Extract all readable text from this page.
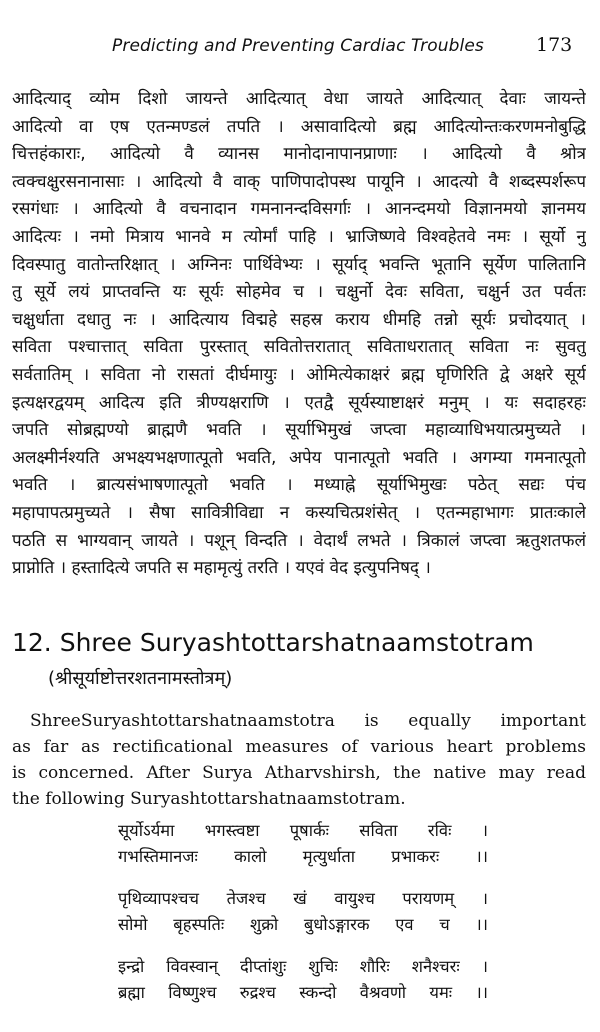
Predicting and Preventing Cardiac Troubles	173
आदित्याद् व्योम दिशो जायन्ते आदित्यात् वेधा जायते आदित्यात् देवाः जायन्ते
आदित्यो वा एष एतन्मण्डलं तपति । असावादित्यो ब्रह्म आदित्योन्तःकरणमनोबुद्धि
चित्तहंकाराः, आदित्यो वै व्यानस मानोदानापानप्राणाः । आदित्यो वै श्रोत्र
त्वक्चक्षुरसनानासाः । आदित्यो वै वाक् पाणिपादोपस्थ पायूनि । आदत्यो वै शब्दस्पर्शरूप
रसगंधाः । आदित्यो वै वचनादान गमनानन्दविसर्गाः । आनन्दमयो विज्ञानमयो ज्ञानमय
आदित्यः । नमो मित्राय भानवे म त्योर्मां पाहि । भ्राजिष्णवे विश्वहेतवे नमः । सूर्यो नु
दिवस्पातु वातोन्तरिक्षात् । अग्निनः पार्थिवेभ्यः । सूर्याद् भवन्ति भूतानि सूर्येण पालितानि
तु सूर्ये लयं प्राप्तवन्ति यः सूर्यः सोहमेव च । चक्षुर्नो देवः सविता, चक्षुर्न उत पर्वतः
चक्षुर्धाता दधातु नः । आदित्याय विद्महे सहस्र कराय धीमहि तन्नो सूर्यः प्रचोदयात् ।
सविता पश्चात्तात् सविता पुरस्तात् सवितोत्तरातात् सविताधरातात् सविता नः सुवतु
सर्वतातिम् । सविता नो रासतां दीर्घमायुः । ओमित्येकाक्षरं ब्रह्म घृणिरिति द्वे अक्षरे सूर्य
इत्यक्षरद्वयम् आदित्य इति त्रीण्यक्षराणि । एतद्वै सूर्यस्याष्टाक्षरं मनुम् । यः सदाहरहः
जपति सोब्रह्मण्यो ब्राह्मणै भवति । सूर्याभिमुखं जप्त्वा महाव्याधिभयात्प्रमुच्यते ।
अलक्ष्मीर्नश्यति अभक्ष्यभक्षणात्पूतो भवति, अपेय पानात्पूतो भवति । अगम्या गमनात्पूतो
भवति । ब्रात्यसंभाषणात्पूतो भवति । मध्याह्ने सूर्याभिमुखः पठेत् सद्यः पंच
महापापत्प्रमुच्यते । सैषा सावित्रीविद्या न कस्यचित्प्रशंसेत् । एतन्महाभागः प्रातःकाले
पठति स भाग्यवान् जायते । पशून् विन्दति । वेदार्थं लभते । त्रिकालं जप्त्वा ऋतुशतफलं
प्राप्नोति । हस्तादित्ये जपति स महामृत्युं तरति । यएवं वेद इत्युपनिषद् ।
12. Shree Suryashtottarshatnaamstotram
(श्रीसूर्याष्टोत्तरशतनामस्तोत्रम्)
ShreeSuryashtottarshatnaamstotra is equally important
as far as rectificational measures of various heart problems
is concerned. After Surya Atharvshirsh, the native may read
the following Suryashtottarshatnaamstotram.
सूर्योऽर्यमा भगस्त्वष्टा पूषार्कः सविता रविः ।
गभस्तिमानजः कालो मृत्युर्धाता प्रभाकरः ।।
पृथिव्यापश्चच तेजश्च खं वायुश्च परायणम् ।
सोमो बृहस्पतिः शुक्रो बुधोऽङ्गारक एव च ।।
इन्द्रो विवस्वान् दीप्तांशुः शुचिः शौरिः शनैश्चरः ।
ब्रह्मा विष्णुश्च रुद्रश्च स्कन्दो वैश्रवणो यमः ।।
